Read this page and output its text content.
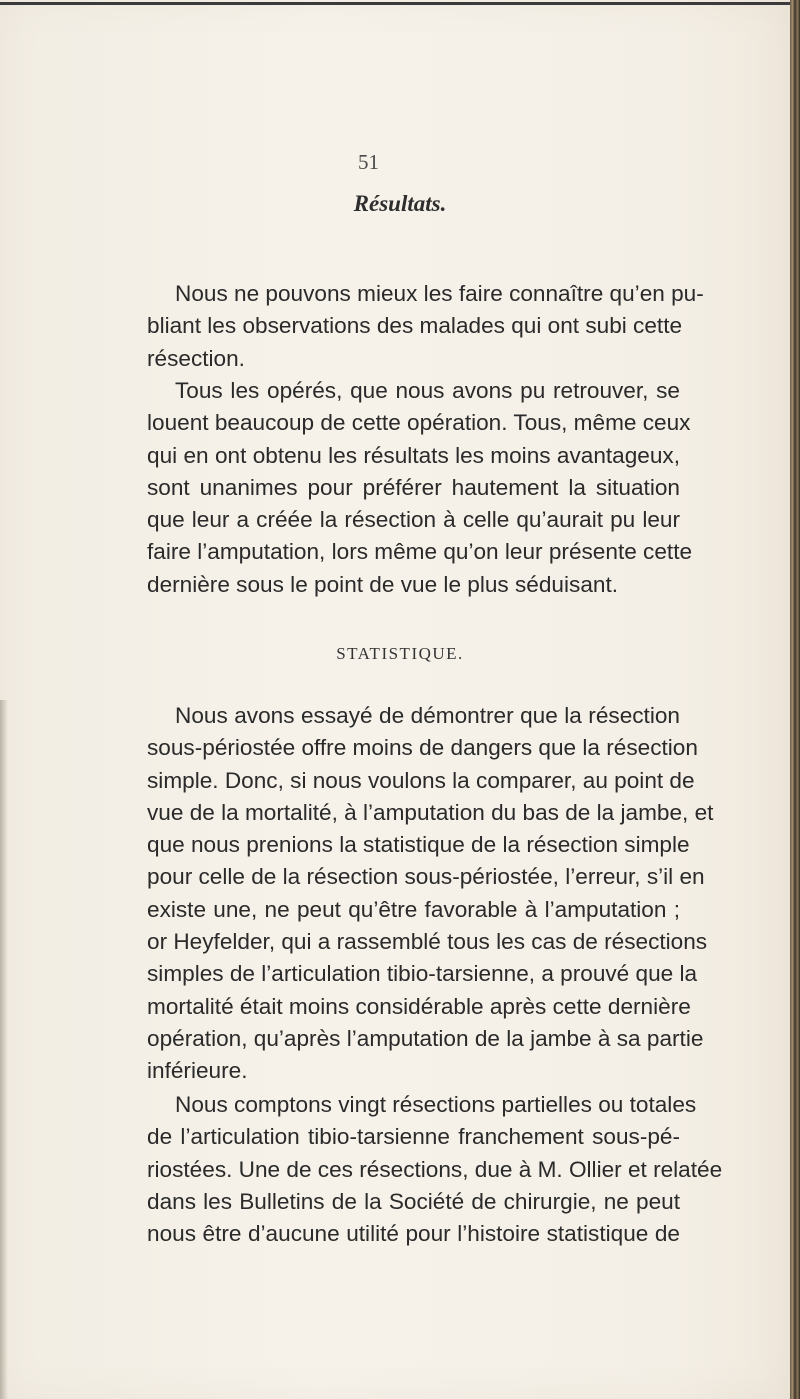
51
Résultats.
Nous ne pouvons mieux les faire connaître qu’en pu-
bliant les observations des malades qui ont subi cette
résection.
Tous les opérés, que nous avons pu retrouver, se
louent beaucoup de cette opération. Tous, même ceux
qui en ont obtenu les résultats les moins avantageux,
sont unanimes pour préférer hautement la situation
que leur a créée la résection à celle qu’aurait pu leur
faire l’amputation, lors même qu’on leur présente cette
dernière sous le point de vue le plus séduisant.
STATISTIQUE.
Nous avons essayé de démontrer que la résection
sous-périostée offre moins de dangers que la résection
simple. Donc, si nous voulons la comparer, au point de
vue de la mortalité, à l’amputation du bas de la jambe, et
que nous prenions la statistique de la résection simple
pour celle de la résection sous-périostée, l’erreur, s’il en
existe une, ne peut qu’être favorable à l’amputation ;
or Heyfelder, qui a rassemblé tous les cas de résections
simples de l’articulation tibio-tarsienne, a prouvé que la
mortalité était moins considérable après cette dernière
opération, qu’après l’amputation de la jambe à sa partie
inférieure.
Nous comptons vingt résections partielles ou totales
de l’articulation tibio-tarsienne franchement sous-pé-
riostées. Une de ces résections, due à M. Ollier et relatée
dans les Bulletins de la Société de chirurgie, ne peut
nous être d’aucune utilité pour l’histoire statistique de
